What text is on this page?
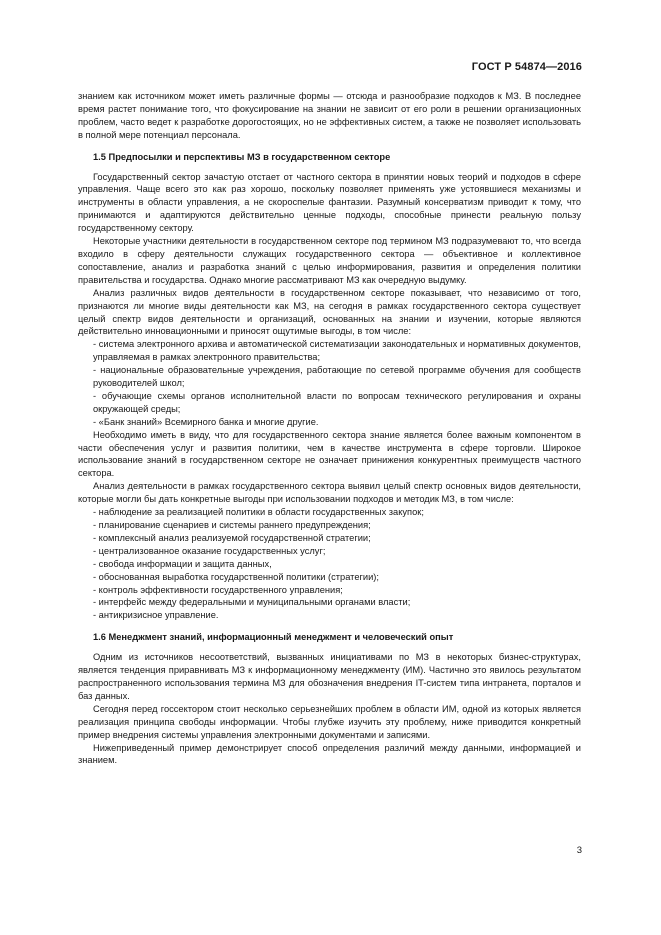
ГОСТ Р 54874—2016

знанием как источником может иметь различные формы — отсюда и разнообразие подходов к МЗ. В последнее время растет понимание того, что фокусирование на знании не зависит от его роли в решении организационных проблем, часто ведет к разработке дорогостоящих, но не эффективных систем, а также не позволяет использовать в полной мере потенциал персонала.

1.5 Предпосылки и перспективы МЗ в государственном секторе

Государственный сектор зачастую отстает от частного сектора в принятии новых теорий и подходов в сфере управления. Чаще всего это как раз хорошо, поскольку позволяет применять уже устоявшиеся механизмы и инструменты в области управления, а не скороспелые фантазии. Разумный консерватизм приводит к тому, что принимаются и адаптируются действительно ценные подходы, способные принести реальную пользу государственному сектору.

Некоторые участники деятельности в государственном секторе под термином МЗ подразумевают то, что всегда входило в сферу деятельности служащих государственного сектора — объективное и коллективное сопоставление, анализ и разработка знаний с целью информирования, развития и определения политики правительства и государства. Однако многие рассматривают МЗ как очередную выдумку.

Анализ различных видов деятельности в государственном секторе показывает, что независимо от того, признаются ли многие виды деятельности как МЗ, на сегодня в рамках государственного сектора существует целый спектр видов деятельности и организаций, основанных на знании и изучении, которые являются действительно инновационными и приносят ощутимые выгоды, в том числе:

- система электронного архива и автоматической систематизации законодательных и нормативных документов, управляемая в рамках электронного правительства;

- национальные образовательные учреждения, работающие по сетевой программе обучения для сообществ руководителей школ;

- обучающие схемы органов исполнительной власти по вопросам технического регулирования и охраны окружающей среды;

- «Банк знаний» Всемирного банка и многие другие.

Необходимо иметь в виду, что для государственного сектора знание является более важным компонентом в части обеспечения услуг и развития политики, чем в качестве инструмента в сфере торговли. Широкое использование знаний в государственном секторе не означает принижения конкурентных преимуществ частного сектора.

Анализ деятельности в рамках государственного сектора выявил целый спектр основных видов деятельности, которые могли бы дать конкретные выгоды при использовании подходов и методик МЗ, в том числе:

- наблюдение за реализацией политики в области государственных закупок;

- планирование сценариев и системы раннего предупреждения;

- комплексный анализ реализуемой государственной стратегии;

- централизованное оказание государственных услуг;

- свобода информации и защита данных,

- обоснованная выработка государственной политики (стратегии);

- контроль эффективности государственного управления;

- интерфейс между федеральными и муниципальными органами власти;

- антикризисное управление.

1.6 Менеджмент знаний, информационный менеджмент и человеческий опыт

Одним из источников несоответствий, вызванных инициативами по МЗ в некоторых бизнес-структурах, является тенденция приравнивать МЗ к информационному менеджменту (ИМ). Частично это явилось результатом распространенного использования термина МЗ для обозначения внедрения IT-систем типа интранета, порталов и баз данных.

Сегодня перед госсектором стоит несколько серьезнейших проблем в области ИМ, одной из которых является реализация принципа свободы информации. Чтобы глубже изучить эту проблему, ниже приводится конкретный пример внедрения системы управления электронными документами и записями.

Нижеприведенный пример демонстрирует способ определения различий между данными, информацией и знанием.

3
